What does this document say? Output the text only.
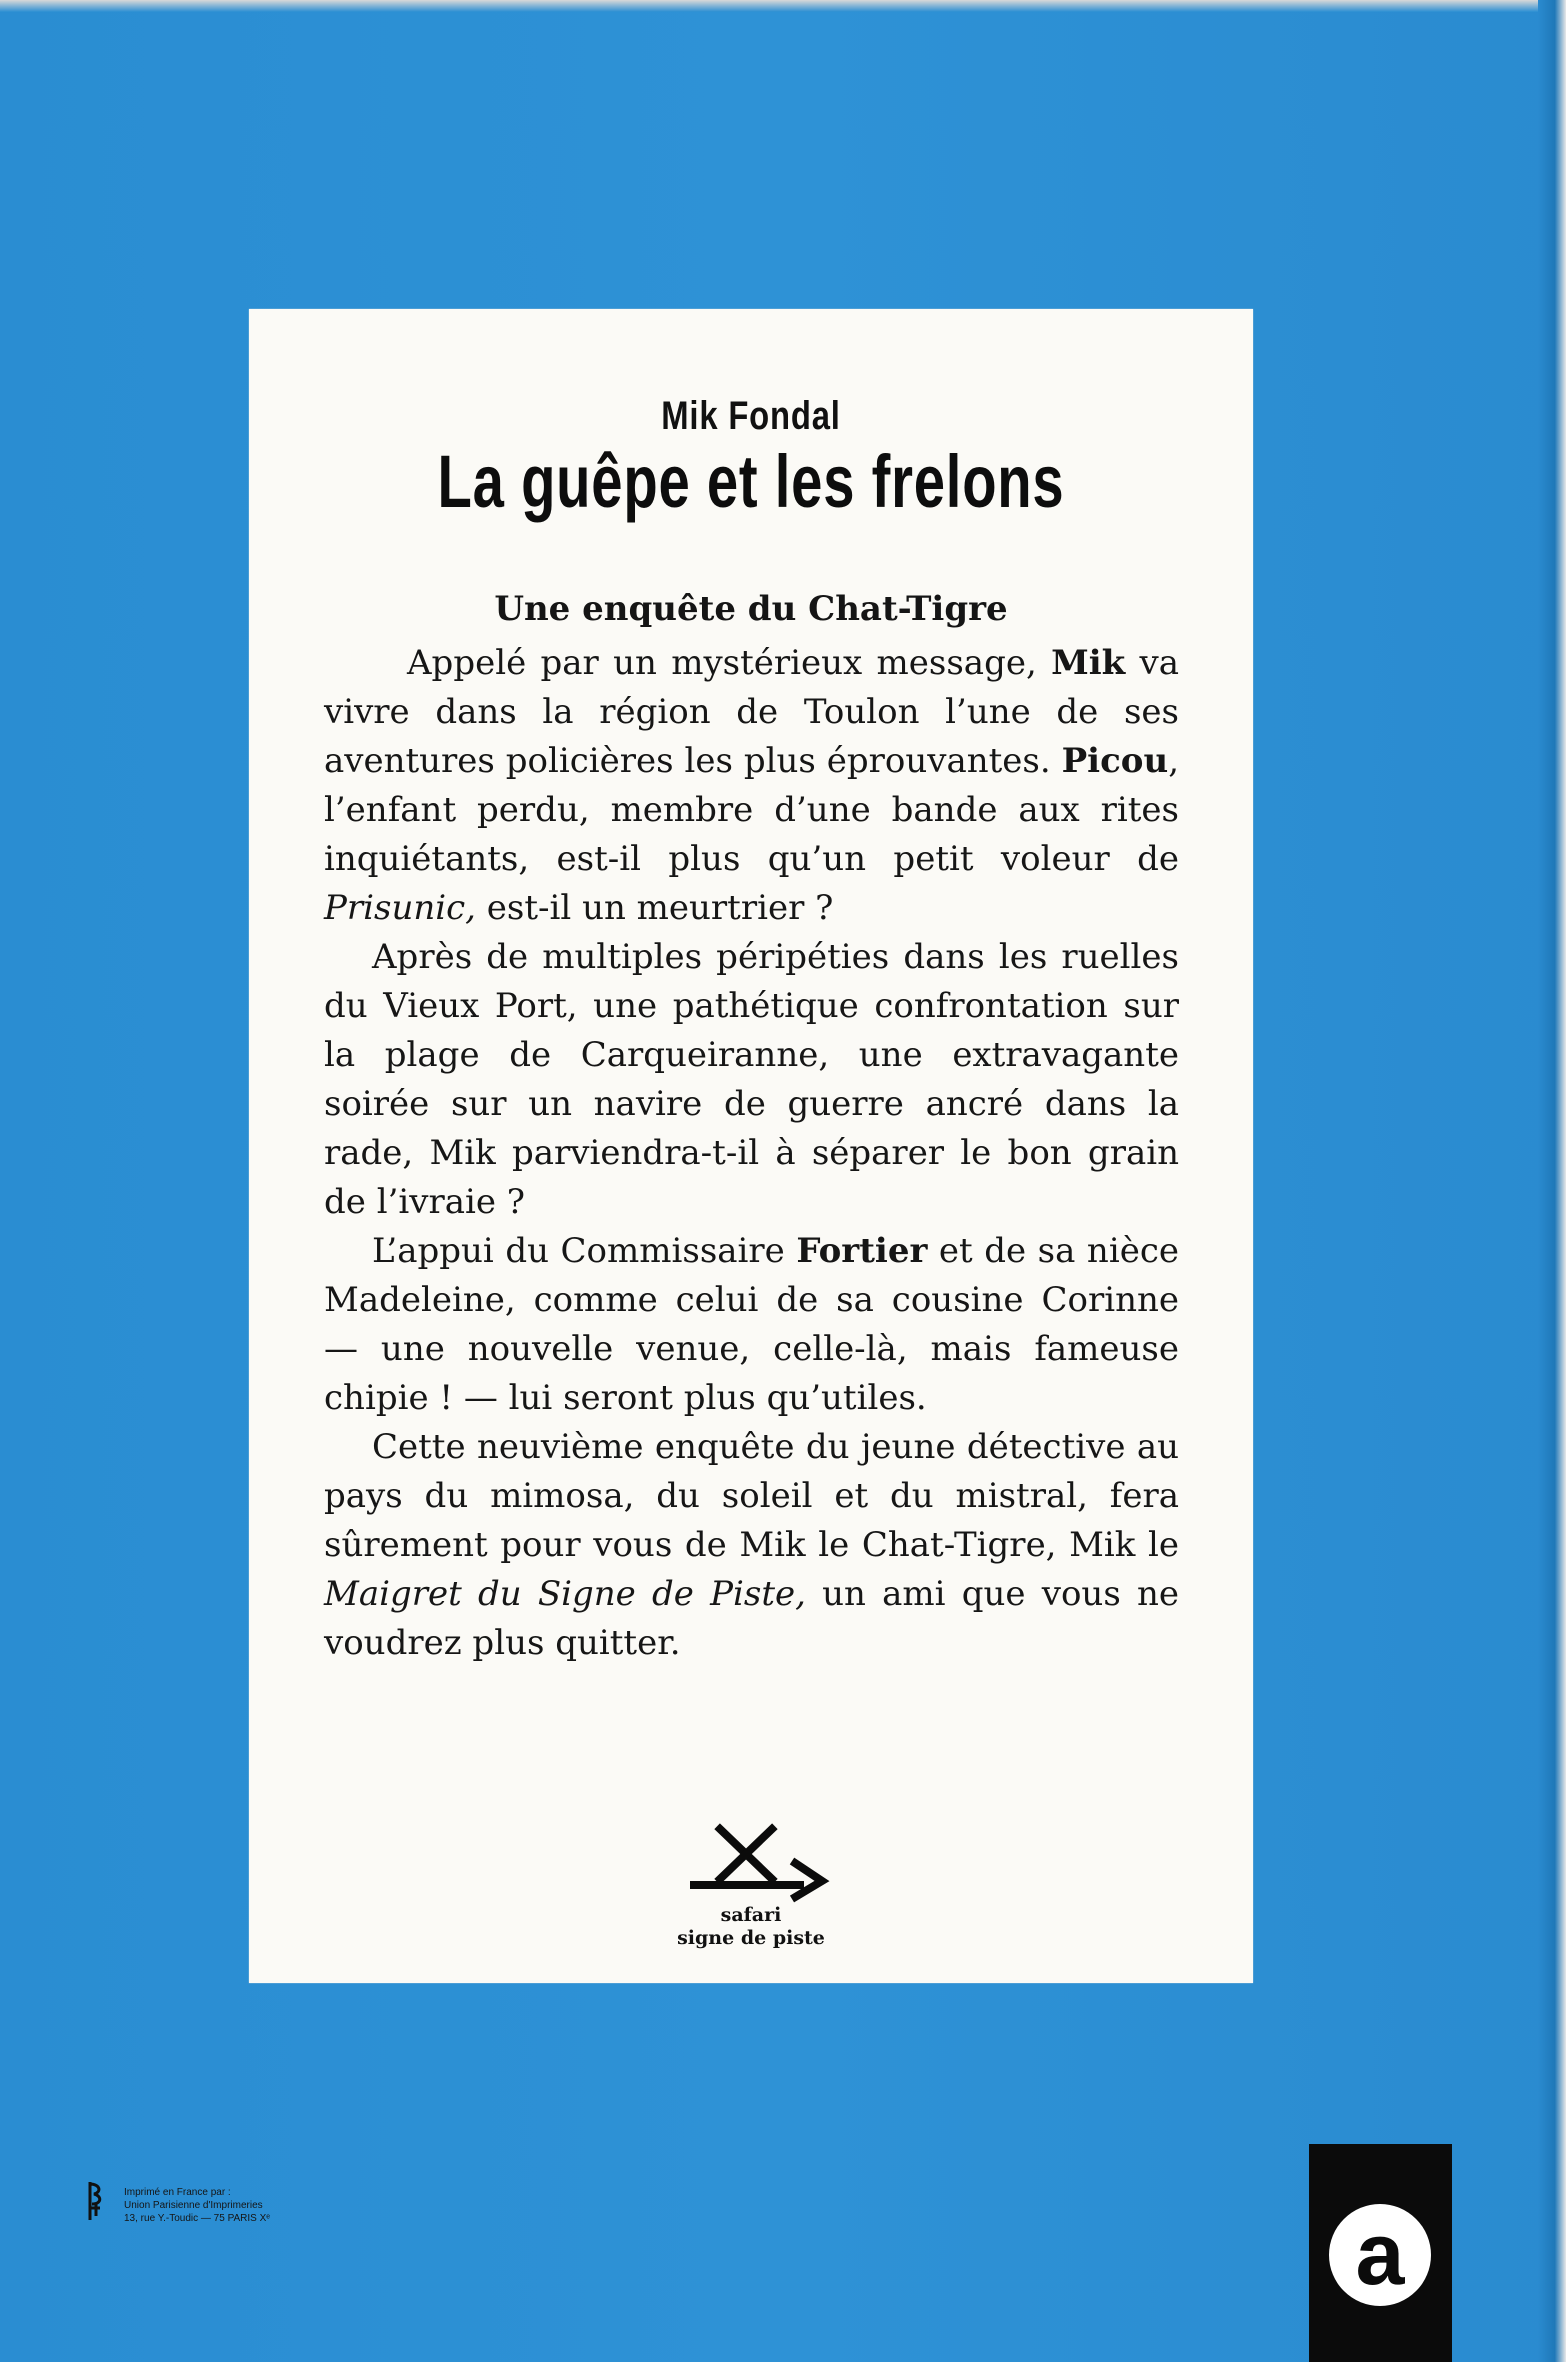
Mik Fondal
La guêpe et les frelons
Une enquête du Chat-Tigre

Appelé par un mystérieux message, Mik va vivre dans la région de Toulon l’une de ses aventures policières les plus éprouvantes. Picou, l’enfant perdu, membre d’une bande aux rites inquiétants, est-il plus qu’un petit voleur de Prisunic, est-il un meurtrier ?

Après de multiples péripéties dans les ruelles du Vieux Port, une pathétique confrontation sur la plage de Carqueiranne, une extravagante soirée sur un navire de guerre ancré dans la rade, Mik parviendra-t-il à séparer le bon grain de l’ivraie ?

L’appui du Commissaire Fortier et de sa nièce Madeleine, comme celui de sa cousine Corinne — une nouvelle venue, celle-là, mais fameuse chipie ! — lui seront plus qu’utiles.

Cette neuvième enquête du jeune détective au pays du mimosa, du soleil et du mistral, fera sûrement pour vous de Mik le Chat-Tigre, Mik le Maigret du Signe de Piste, un ami que vous ne voudrez plus quitter.

safari
signe de piste
Imprimé en France par :
Union Parisienne d'Imprimeries
13, rue Y.-Toudic — 75 PARIS Xᵉ	a
